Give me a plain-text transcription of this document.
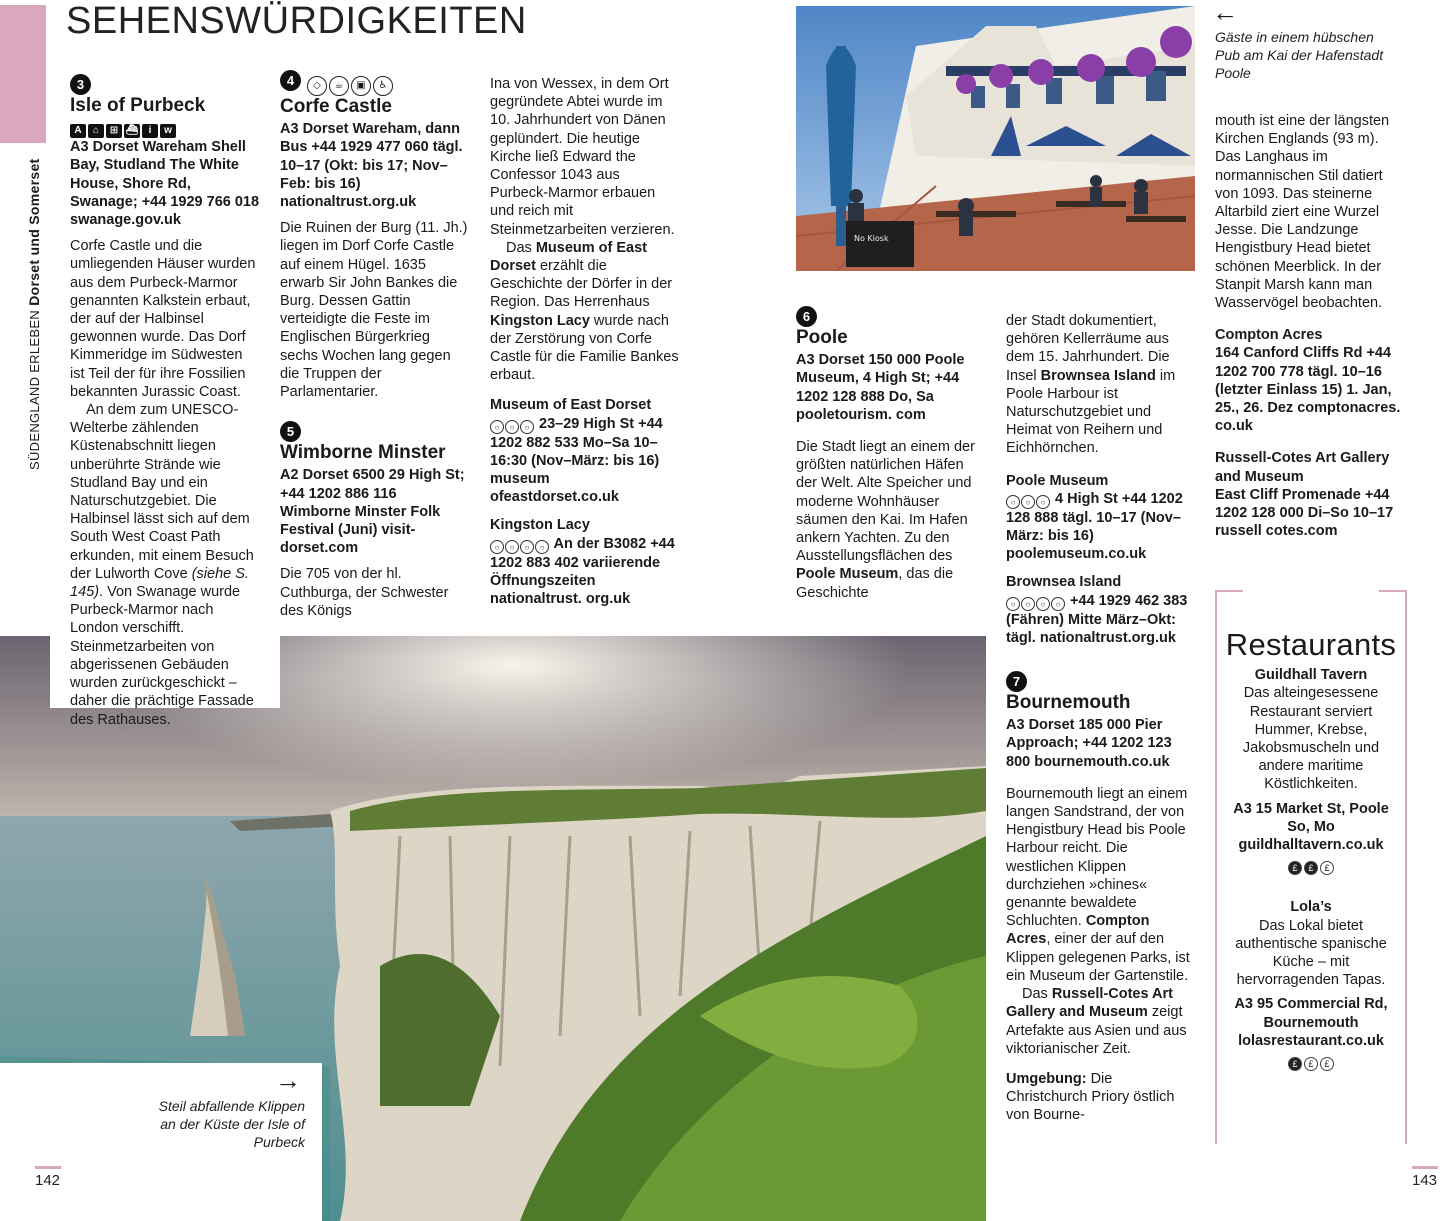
SÜDENGLAND ERLEBEN Dorset und Somerset
SEHENSWÜRDIGKEITEN
No Kiosk
←
Gäste in einem hübschen Pub am Kai der Hafenstadt Poole
→
Steil abfallende Klippen an der Küste der Isle of Purbeck
3
Isle of Purbeck
A ⌂ ⊞ ⛴ i w
A3 Dorset Wareham Shell Bay, Studland The White House, Shore Rd, Swanage; +44 1929 766 018 swanage.gov.uk

Corfe Castle und die umliegenden Häuser wurden aus dem Purbeck-Marmor genannten Kalkstein erbaut, der auf der Halbinsel gewonnen wurde. Das Dorf Kimmeridge im Südwesten ist Teil der für ihre Fossilien bekannten Jurassic Coast.

An dem zum UNESCO-Welterbe zählenden Küstenabschnitt liegen unberührte Strände wie Studland Bay und ein Naturschutzgebiet. Die Halbinsel lässt sich auf dem South West Coast Path erkunden, mit einem Besuch der Lulworth Cove (siehe S. 145). Von Swanage wurde Purbeck-Marmor nach London verschifft. Steinmetzarbeiten von abgerissenen Gebäuden wurden zurückgeschickt – daher die prächtige Fassade des Rathauses.

4 ◇ ☕ ▣ ♿
Corfe Castle
A3 Dorset Wareham, dann Bus +44 1929 477 060 tägl. 10–17 (Okt: bis 17; Nov–Feb: bis 16) nationaltrust.org.uk

Die Ruinen der Burg (11. Jh.) liegen im Dorf Corfe Castle auf einem Hügel. 1635 erwarb Sir John Bankes die Burg. Dessen Gattin verteidigte die Feste im Englischen Bürgerkrieg sechs Wochen lang gegen die Truppen der Parlamentarier.

5
Wimborne Minster
A2 Dorset 6500 29 High St; +44 1202 886 116 Wimborne Minster Folk Festival (Juni) visit-dorset.com

Die 705 von der hl. Cuthburga, der Schwester des Königs

Ina von Wessex, in dem Ort gegründete Abtei wurde im 10. Jahrhundert von Dänen geplündert. Die heutige Kirche ließ Edward the Confessor 1043 aus Purbeck-Marmor erbauen und reich mit Steinmetzarbeiten verzieren.

Das Museum of East Dorset erzählt die Geschichte der Dörfer in der Region. Das Herrenhaus Kingston Lacy wurde nach der Zerstörung von Corfe Castle für die Familie Bankes erbaut.

Museum of East Dorset
○ ○ ○ 23–29 High St +44 1202 882 533 Mo–Sa 10–16:30 (Nov–März: bis 16) museum ofeastdorset.co.uk
Kingston Lacy
○ ○ ○ ○ An der B3082 +44 1202 883 402 variierende Öffnungszeiten nationaltrust. org.uk
6
Poole
A3 Dorset 150 000 Poole Museum, 4 High St; +44 1202 128 888 Do, Sa pooletourism. com

Die Stadt liegt an einem der größten natürlichen Häfen der Welt. Alte Speicher und moderne Wohnhäuser säumen den Kai. Im Hafen ankern Yachten. Zu den Ausstellungsflächen des Poole Museum, das die Geschichte

der Stadt dokumentiert, gehören Kellerräume aus dem 15. Jahrhundert. Die Insel Brownsea Island im Poole Harbour ist Naturschutzgebiet und Heimat von Reihern und Eichhörnchen.

Poole Museum
○ ○ ○ 4 High St +44 1202 128 888 tägl. 10–17 (Nov–März: bis 16) poolemuseum.co.uk
Brownsea Island
○ ○ ○ ○ +44 1929 462 383 (Fähren) Mitte März–Okt: tägl. nationaltrust.org.uk
7
Bournemouth
A3 Dorset 185 000 Pier Approach; +44 1202 123 800 bournemouth.co.uk

Bournemouth liegt an einem langen Sandstrand, der von Hengistbury Head bis Poole Harbour reicht. Die westlichen Klippen durchziehen »chines« genannte bewaldete Schluchten. Compton Acres, einer der auf den Klippen gelegenen Parks, ist ein Museum der Gartenstile.

Das Russell-Cotes Art Gallery and Museum zeigt Artefakte aus Asien und aus viktorianischer Zeit.

Umgebung: Die Christchurch Priory östlich von Bourne-

mouth ist eine der längsten Kirchen Englands (93 m). Das Langhaus im normannischen Stil datiert von 1093. Das steinerne Altarbild ziert eine Wurzel Jesse. Die Landzunge Hengistbury Head bietet schönen Meerblick. In der Stanpit Marsh kann man Wasservögel beobachten.

Compton Acres
164 Canford Cliffs Rd +44 1202 700 778 tägl. 10–16 (letzter Einlass 15) 1. Jan, 25., 26. Dez comptonacres. co.uk
Russell-Cotes Art Gallery and Museum
East Cliff Promenade +44 1202 128 000 Di–So 10–17 russell cotes.com
Restaurants
Guildhall Tavern
Das alteingesessene Restaurant serviert Hummer, Krebse, Jakobsmuscheln und andere maritime Köstlichkeiten.
A3 15 Market St, Poole So, Mo guildhalltavern.co.uk
£ £ £
Lola’s
Das Lokal bietet authentische spanische Küche – mit hervorragenden Tapas.
A3 95 Commercial Rd, Bournemouth lolasrestaurant.co.uk
£ £ £
142	143
